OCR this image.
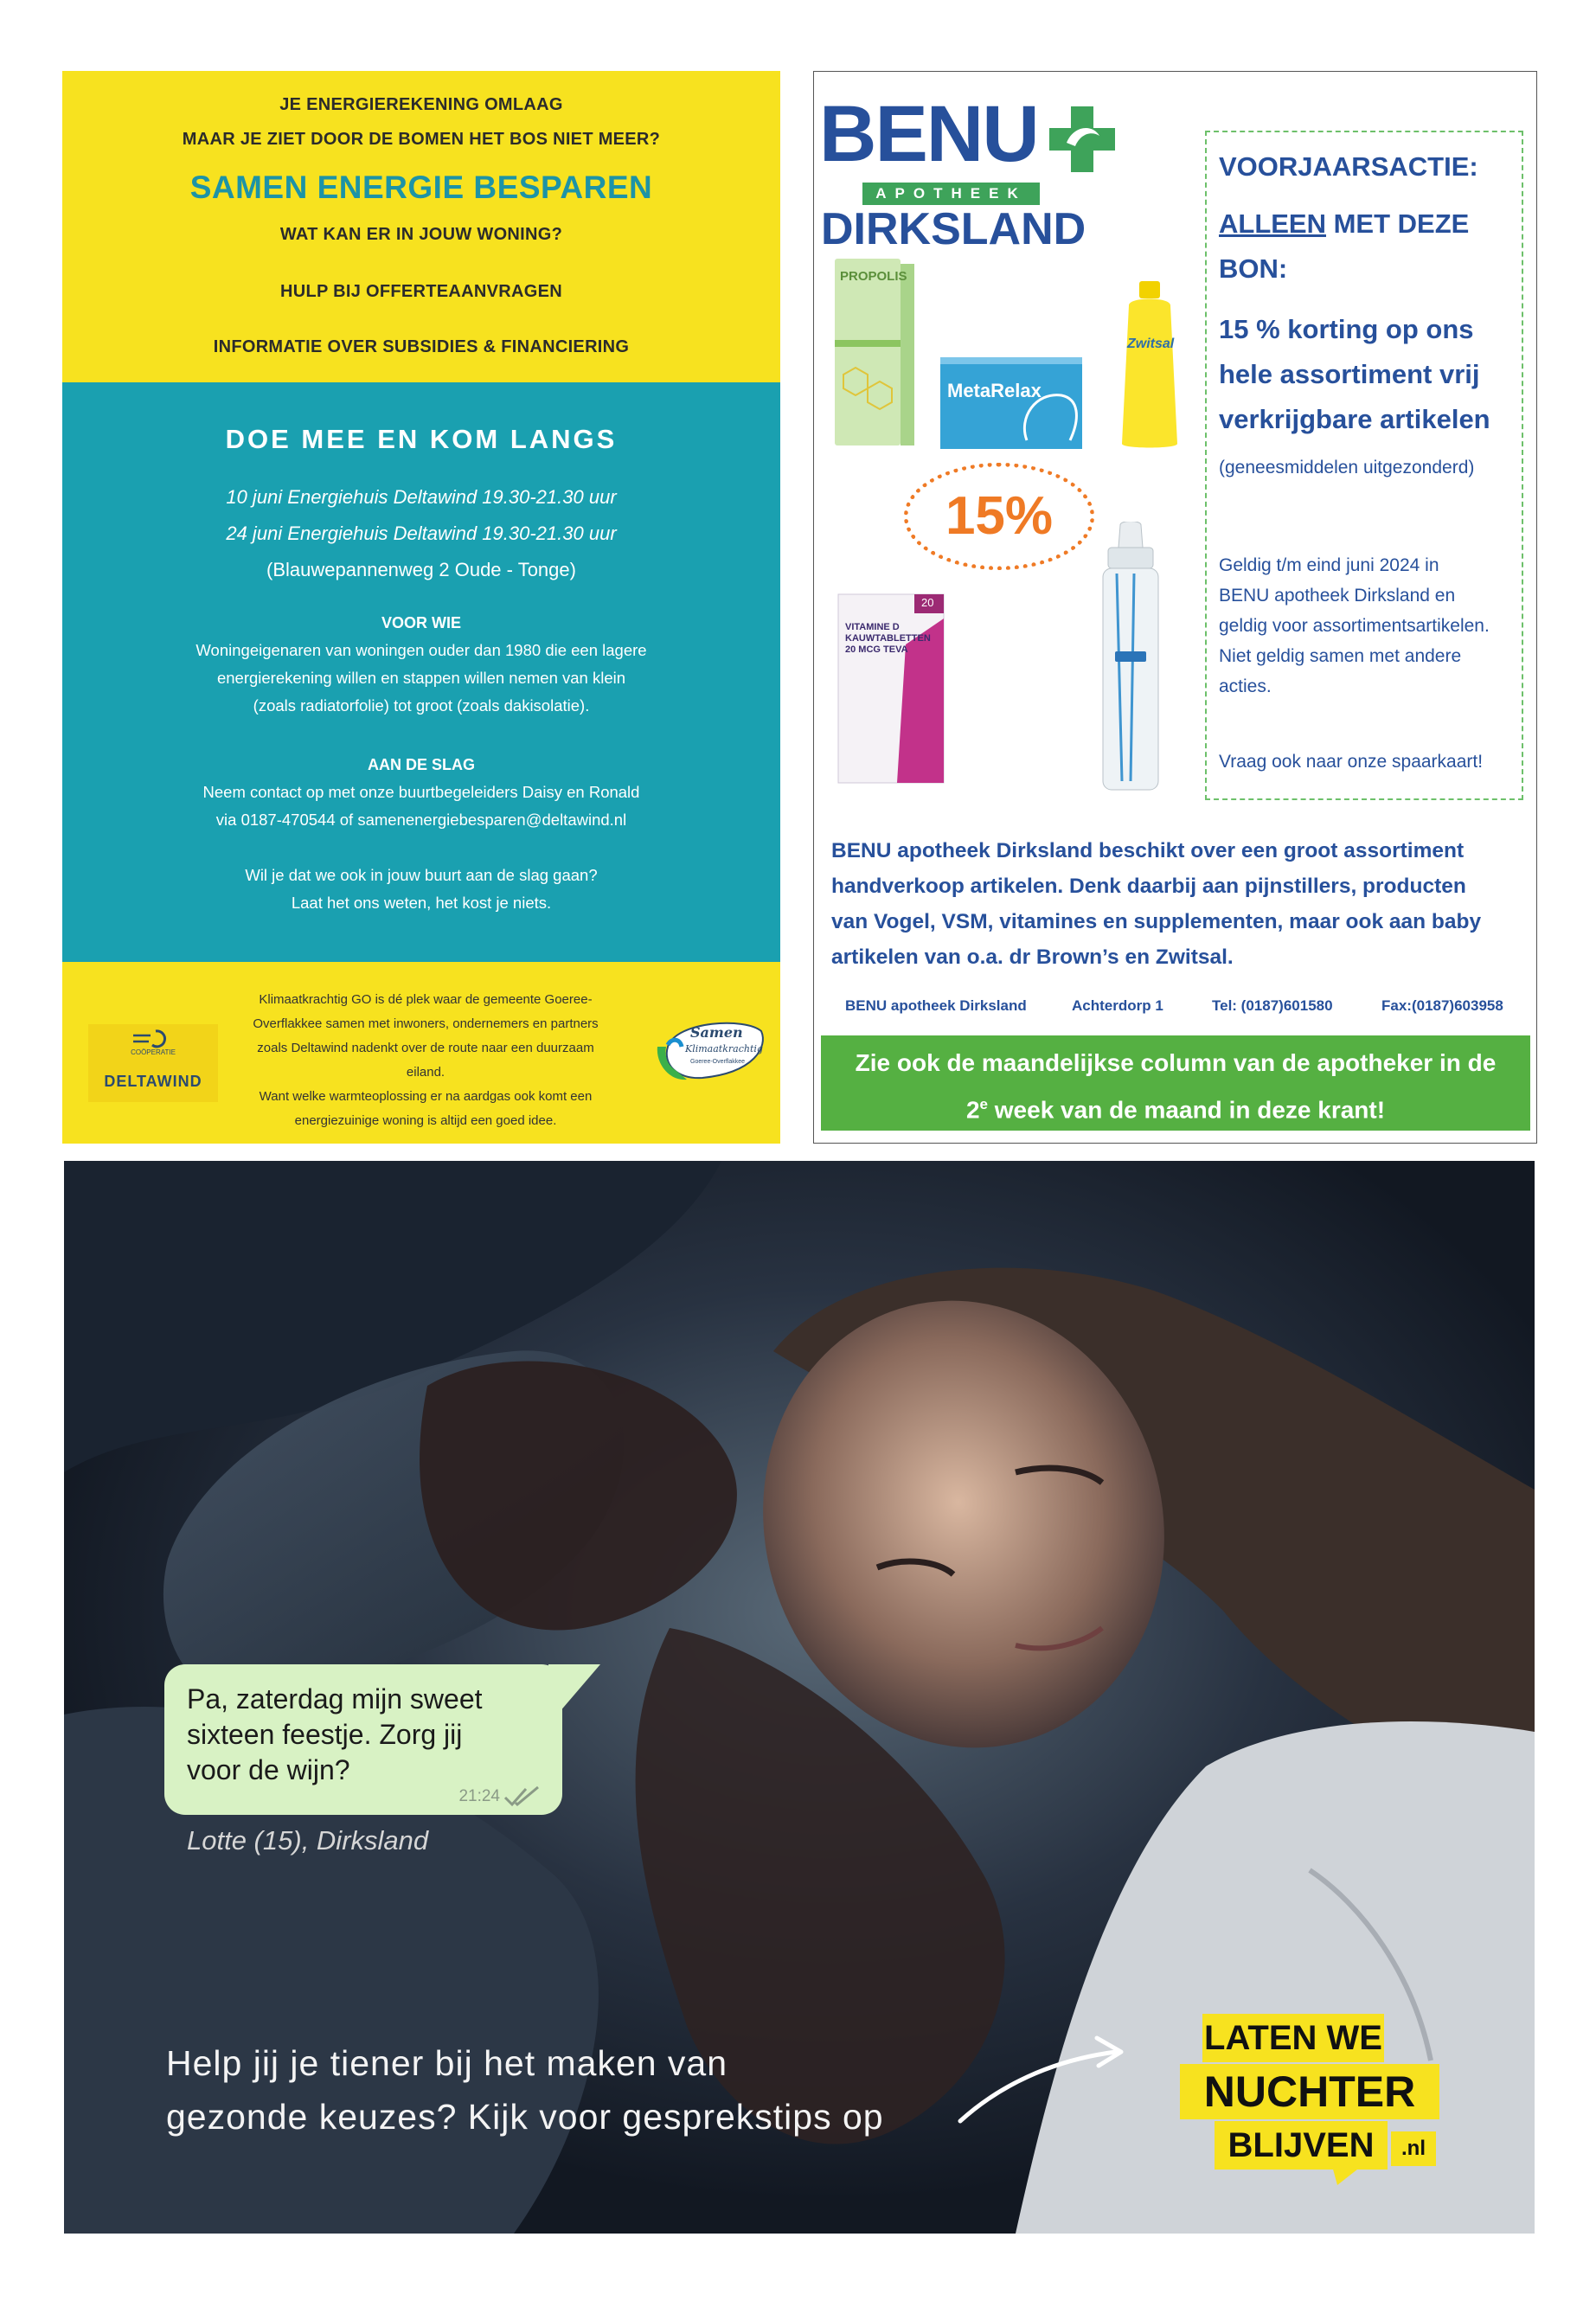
JE ENERGIEREKENING OMLAAG
MAAR JE ZIET DOOR DE BOMEN HET BOS NIET MEER?
SAMEN ENERGIE BESPAREN
WAT KAN ER IN JOUW WONING?
HULP BIJ OFFERTEAANVRAGEN
INFORMATIE OVER SUBSIDIES & FINANCIERING
DOE MEE EN KOM LANGS
10 juni Energiehuis Deltawind 19.30-21.30 uur
24 juni Energiehuis Deltawind 19.30-21.30 uur
(Blauwepannenweg 2 Oude - Tonge)
VOOR WIE
Woningeigenaren van woningen ouder dan 1980 die een lagere
energierekening willen en stappen willen nemen van klein
(zoals radiatorfolie) tot groot (zoals dakisolatie).
AAN DE SLAG
Neem contact op met onze buurtbegeleiders Daisy en Ronald
via 0187-470544 of samenenergiebesparen@deltawind.nl
Wil je dat we ook in jouw buurt aan de slag gaan?
Laat het ons weten, het kost je niets.
COÖPERATIE
DELTAWIND
Klimaatkrachtig GO is dé plek waar de gemeente Goeree-
Overflakkee samen met inwoners, ondernemers en partners
zoals Deltawind nadenkt over de route naar een duurzaam eiland.
Want welke warmteoplossing er na aardgas ook komt een
energiezuinige woning is altijd een goed idee.
Samen
Klimaatkrachtig
Goeree-Overflakkee
BENU
APOTHEEK
DIRKSLAND
PROPOLIS
MetaRelax
Zwitsal
15%
20
VITAMINE D
KAUWTABLETTEN
20 MCG TEVA
VOORJAARSACTIE:
ALLEEN MET DEZE
BON:
15 % korting op ons
hele assortiment vrij
verkrijgbare artikelen
(geneesmiddelen uitgezonderd)
Geldig t/m eind juni 2024 in
BENU apotheek Dirksland en
geldig voor assortimentsartikelen.
Niet geldig samen met andere
acties.
Vraag ook naar onze spaarkaart!
BENU apotheek Dirksland beschikt over een groot assortiment
handverkoop artikelen. Denk daarbij aan pijnstillers, producten
van Vogel, VSM, vitamines en supplementen, maar ook aan baby
artikelen van o.a. dr Brown’s en Zwitsal.
BENU apotheek Dirksland	Achterdorp 1	Tel: (0187)601580	Fax:(0187)603958
Zie ook de maandelijkse column van de apotheker in de
2e week van de maand in deze krant!
Pa, zaterdag mijn sweet
sixteen feestje. Zorg jij
voor de wijn?
21:24
Lotte (15), Dirksland
Help jij je tiener bij het maken van
gezonde keuzes? Kijk voor gesprekstips op
LATEN WE
NUCHTER
BLIJVEN	.nl
